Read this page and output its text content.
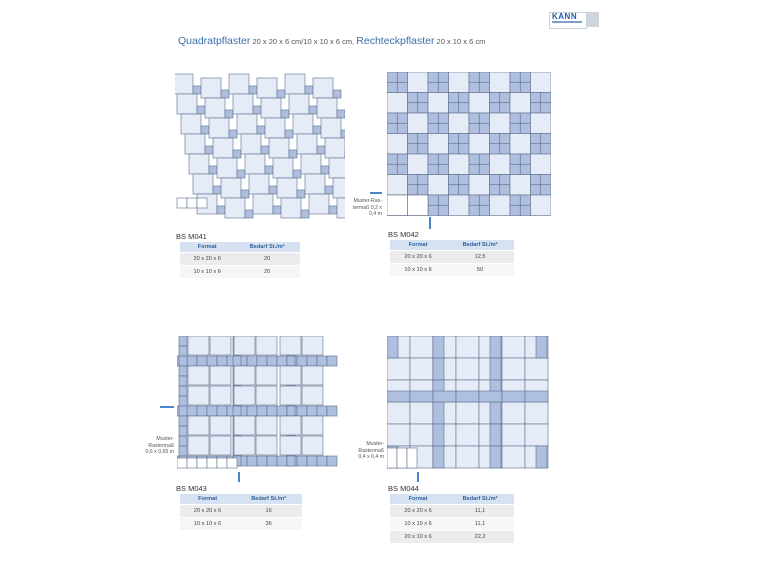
Quadratpflaster 20 x 20 x 6 cm/10 x 10 x 6 cm, Rechteckpflaster 20 x 10 x 6 cm
KANN
BS M041
Format	Bedarf St./m²
20 x 20 x 6	20
10 x 10 x 6	20
Muster-Ras-
termaß 0,2 x
0,4 m
BS M042
Format	Bedarf St./m²
20 x 20 x 6	12,5
10 x 10 x 6	50
Muster-
Rastermaß
0,6 x 0,65 m
BS M043
Format	Bedarf St./m²
20 x 20 x 6	16
10 x 10 x 6	36
Muster-
Rastermaß
0,4 x 0,4 m
BS M044
Format	Bedarf St./m²
20 x 20 x 6	11,1
10 x 10 x 6	11,1
20 x 10 x 6	22,2
